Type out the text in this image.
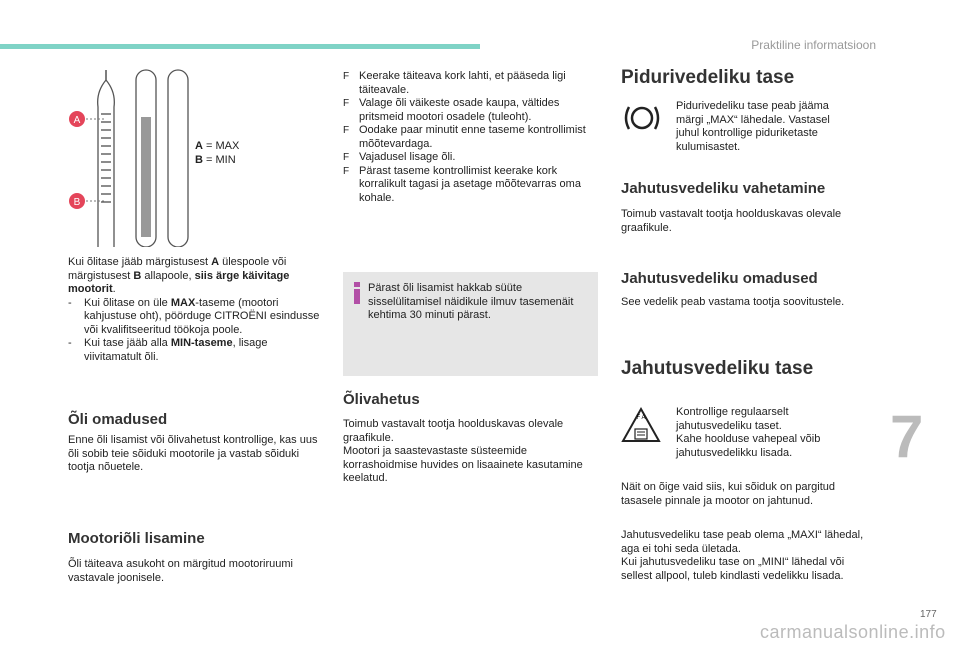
Praktiline informatsioon
A
B
A = MAX
B = MIN

Kui õlitase jääb märgistusest A ülespoole või märgistusest B allapoole, siis ärge käivitage mootorit.

- Kui õlitase on üle MAX-taseme (mootori kahjustuse oht), pöörduge CITROËNI esindusse või kvalifitseeritud töökoja poole.
- Kui tase jääb alla MIN-taseme, lisage viivitamatult õli.
Õli omadused
Enne õli lisamist või õlivahetust kontrollige, kas uus õli sobib teie sõiduki mootorile ja vastab sõiduki tootja nõuetele.
Mootoriõli lisamine
Õli täiteava asukoht on märgitud mootoriruumi vastavale joonisele.
F Keerake täiteava kork lahti, et pääseda ligi täiteavale.
F Valage õli väikeste osade kaupa, vältides pritsmeid mootori osadele (tuleoht).
F Oodake paar minutit enne taseme kontrollimist mõõtevardaga.
F Vajadusel lisage õli.
F Pärast taseme kontrollimist keerake kork korralikult tagasi ja asetage mõõtevarras oma kohale.
Pärast õli lisamist hakkab süüte sisselülitamisel näidikule ilmuv tasemenäit kehtima 30 minuti pärast.
Õlivahetus
Toimub vastavalt tootja hoolduskavas olevale graafikule.
Mootori ja saastevastaste süsteemide korrashoidmise huvides on lisaainete kasutamine keelatud.
Pidurivedeliku tase
Pidurivedeliku tase peab jääma märgi „MAX“ lähedale. Vastasel juhul kontrollige piduriketaste kulumisastet.
Jahutusvedeliku vahetamine
Toimub vastavalt tootja hoolduskavas olevale graafikule.
Jahutusvedeliku omadused
See vedelik peab vastama tootja soovitustele.
Jahutusvedeliku tase
F A	Kontrollige regulaarselt jahutusvedeliku taset.
Kahe hoolduse vahepeal võib jahutusvedelikku lisada.
Näit on õige vaid siis, kui sõiduk on pargitud tasasele pinnale ja mootor on jahtunud.
Jahutusvedeliku tase peab olema „MAXI“ lähedal, aga ei tohi seda ületada.
Kui jahutusvedeliku tase on „MINI“ lähedal või sellest allpool, tuleb kindlasti vedelikku lisada.
7
177
carmanualsonline.info
